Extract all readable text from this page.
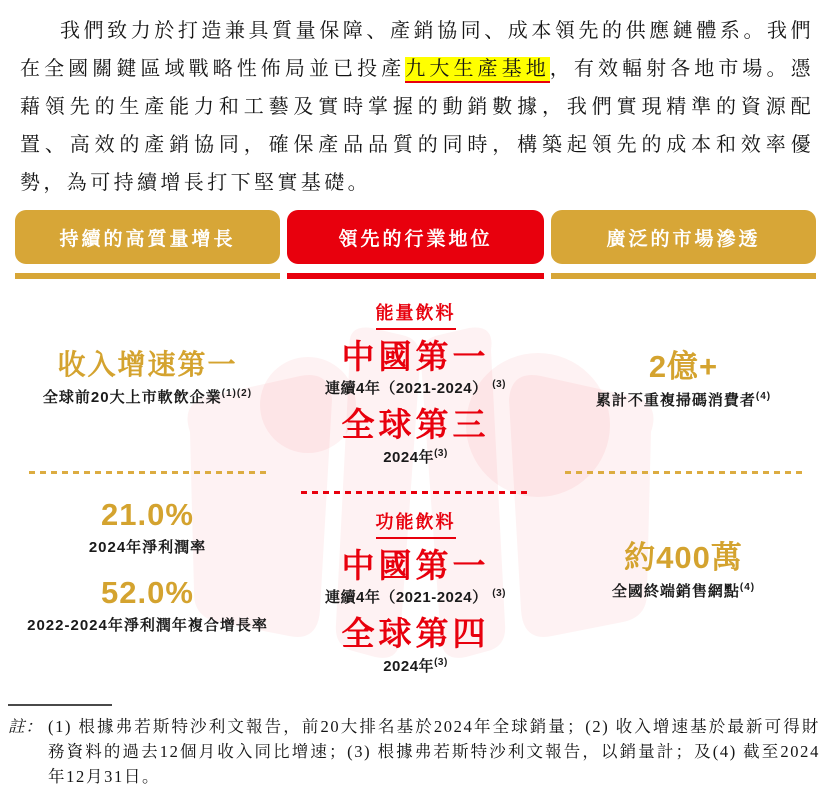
我們致力於打造兼具質量保障、產銷協同、成本領先的供應鏈體系。我們在全國關鍵區域戰略性佈局並已投產九大生產基地，有效輻射各地市場。憑藉領先的生產能力和工藝及實時掌握的動銷數據，我們實現精準的資源配置、高效的產銷協同，確保產品品質的同時，構築起領先的成本和效率優勢，為可持續增長打下堅實基礎。

持續的高質量增長
收入增速第一
全球前20大上市軟飲企業$^{(1)(2)}$
21.0%
2024年淨利潤率
52.0%
2022-2024年淨利潤年複合增長率
領先的行業地位
能量飲料
中國第一
連續4年（2021-2024） $^{(3)}$
全球第三
2024年$^{(3)}$
功能飲料
中國第一
連續4年（2021-2024） $^{(3)}$
全球第四
2024年$^{(3)}$
廣泛的市場滲透
2億+
累計不重複掃碼消費者$^{(4)}$
約400萬
全國終端銷售網點$^{(4)}$
註： (1) 根據弗若斯特沙利文報告，前20大排名基於2024年全球銷量；(2) 收入增速基於最新可得財務資料的過去12個月收入同比增速；(3) 根據弗若斯特沙利文報告，以銷量計；及(4) 截至2024年12月31日。
